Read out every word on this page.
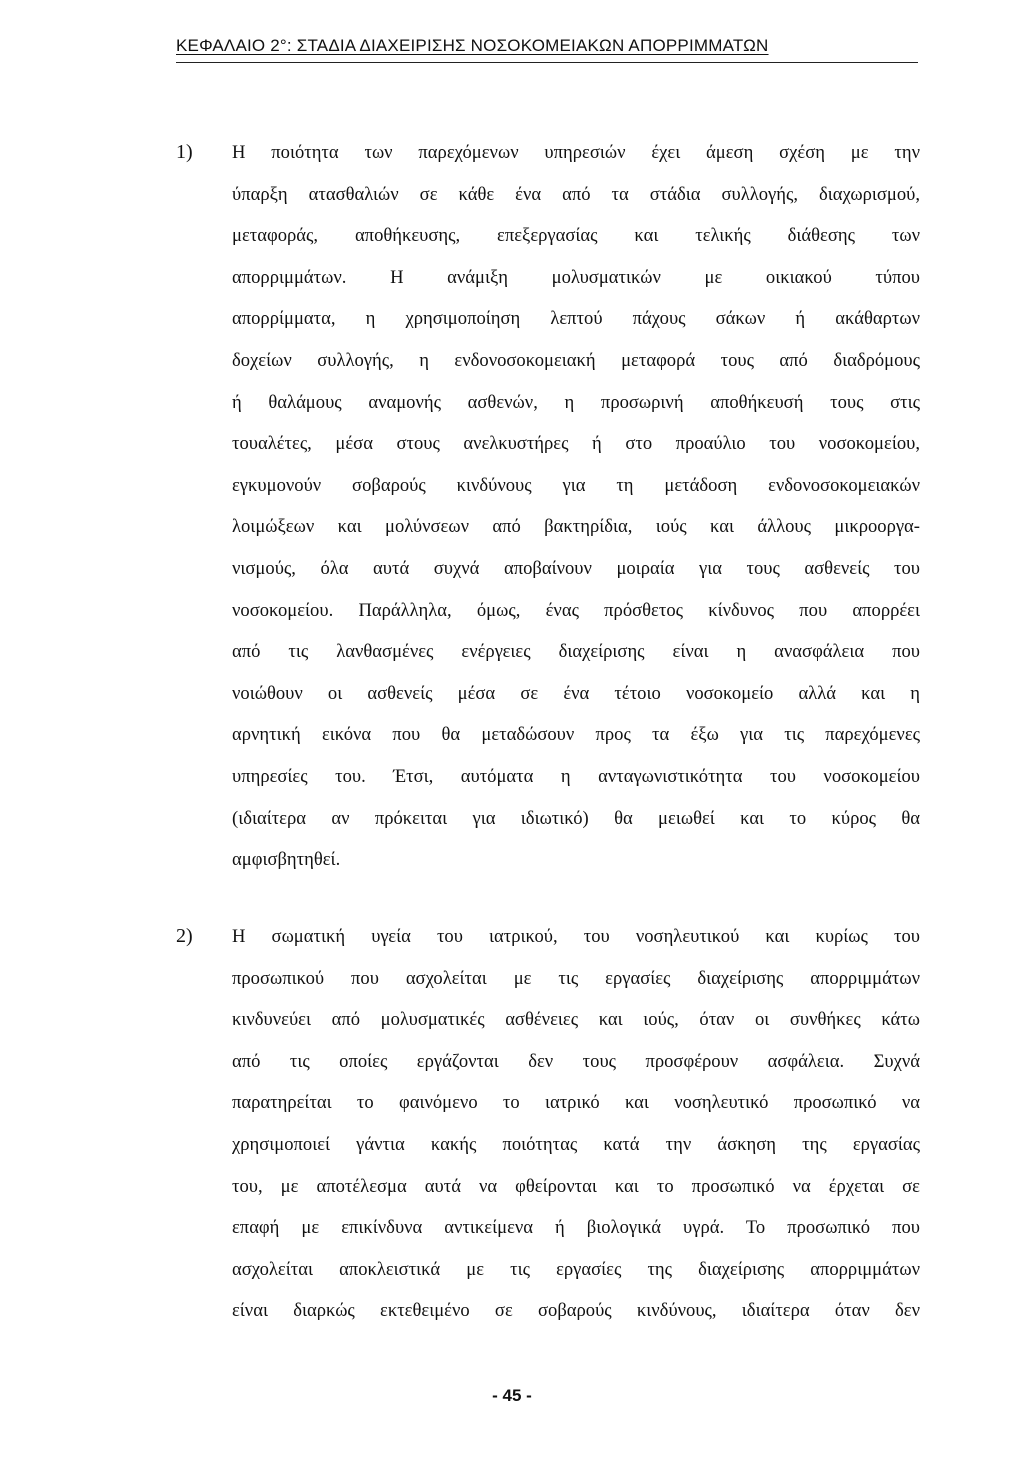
ΚΕΦΑΛΑΙΟ 2°: ΣΤΑΔΙΑ ΔΙΑΧΕΙΡΙΣΗΣ ΝΟΣΟΚΟΜΕΙΑΚΩΝ ΑΠΟΡΡΙΜΜΑΤΩΝ
1)	Η ποιότητα των παρεχόμενων υπηρεσιών έχει άμεση σχέση με την
ύπαρξη ατασθαλιών σε κάθε ένα από τα στάδια συλλογής, διαχωρισμού,
μεταφοράς, αποθήκευσης, επεξεργασίας και τελικής διάθεσης των
απορριμμάτων. Η ανάμιξη μολυσματικών με οικιακού τύπου
απορρίμματα, η χρησιμοποίηση λεπτού πάχους σάκων ή ακάθαρτων
δοχείων συλλογής, η ενδονοσοκομειακή μεταφορά τους από διαδρόμους
ή θαλάμους αναμονής ασθενών, η προσωρινή αποθήκευσή τους στις
τουαλέτες, μέσα στους ανελκυστήρες ή στο προαύλιο του νοσοκομείου,
εγκυμονούν σοβαρούς κινδύνους για τη μετάδοση ενδονοσοκομειακών
λοιμώξεων και μολύνσεων από βακτηρίδια, ιούς και άλλους μικροοργα-
νισμούς, όλα αυτά συχνά αποβαίνουν μοιραία για τους ασθενείς του
νοσοκομείου. Παράλληλα, όμως, ένας πρόσθετος κίνδυνος που απορρέει
από τις λανθασμένες ενέργειες διαχείρισης είναι η ανασφάλεια που
νοιώθουν οι ασθενείς μέσα σε ένα τέτοιο νοσοκομείο αλλά και η
αρνητική εικόνα που θα μεταδώσουν προς τα έξω για τις παρεχόμενες
υπηρεσίες του. Έτσι, αυτόματα η ανταγωνιστικότητα του νοσοκομείου
(ιδιαίτερα αν πρόκειται για ιδιωτικό) θα μειωθεί και το κύρος θα
αμφισβητηθεί.
2)	Η σωματική υγεία του ιατρικού, του νοσηλευτικού και κυρίως του
προσωπικού που ασχολείται με τις εργασίες διαχείρισης απορριμμάτων
κινδυνεύει από μολυσματικές ασθένειες και ιούς, όταν οι συνθήκες κάτω
από τις οποίες εργάζονται δεν τους προσφέρουν ασφάλεια. Συχνά
παρατηρείται το φαινόμενο το ιατρικό και νοσηλευτικό προσωπικό να
χρησιμοποιεί γάντια κακής ποιότητας κατά την άσκηση της εργασίας
του, με αποτέλεσμα αυτά να φθείρονται και το προσωπικό να έρχεται σε
επαφή με επικίνδυνα αντικείμενα ή βιολογικά υγρά. Το προσωπικό που
ασχολείται αποκλειστικά με τις εργασίες της διαχείρισης απορριμμάτων
είναι διαρκώς εκτεθειμένο σε σοβαρούς κινδύνους, ιδιαίτερα όταν δεν
- 45 -
